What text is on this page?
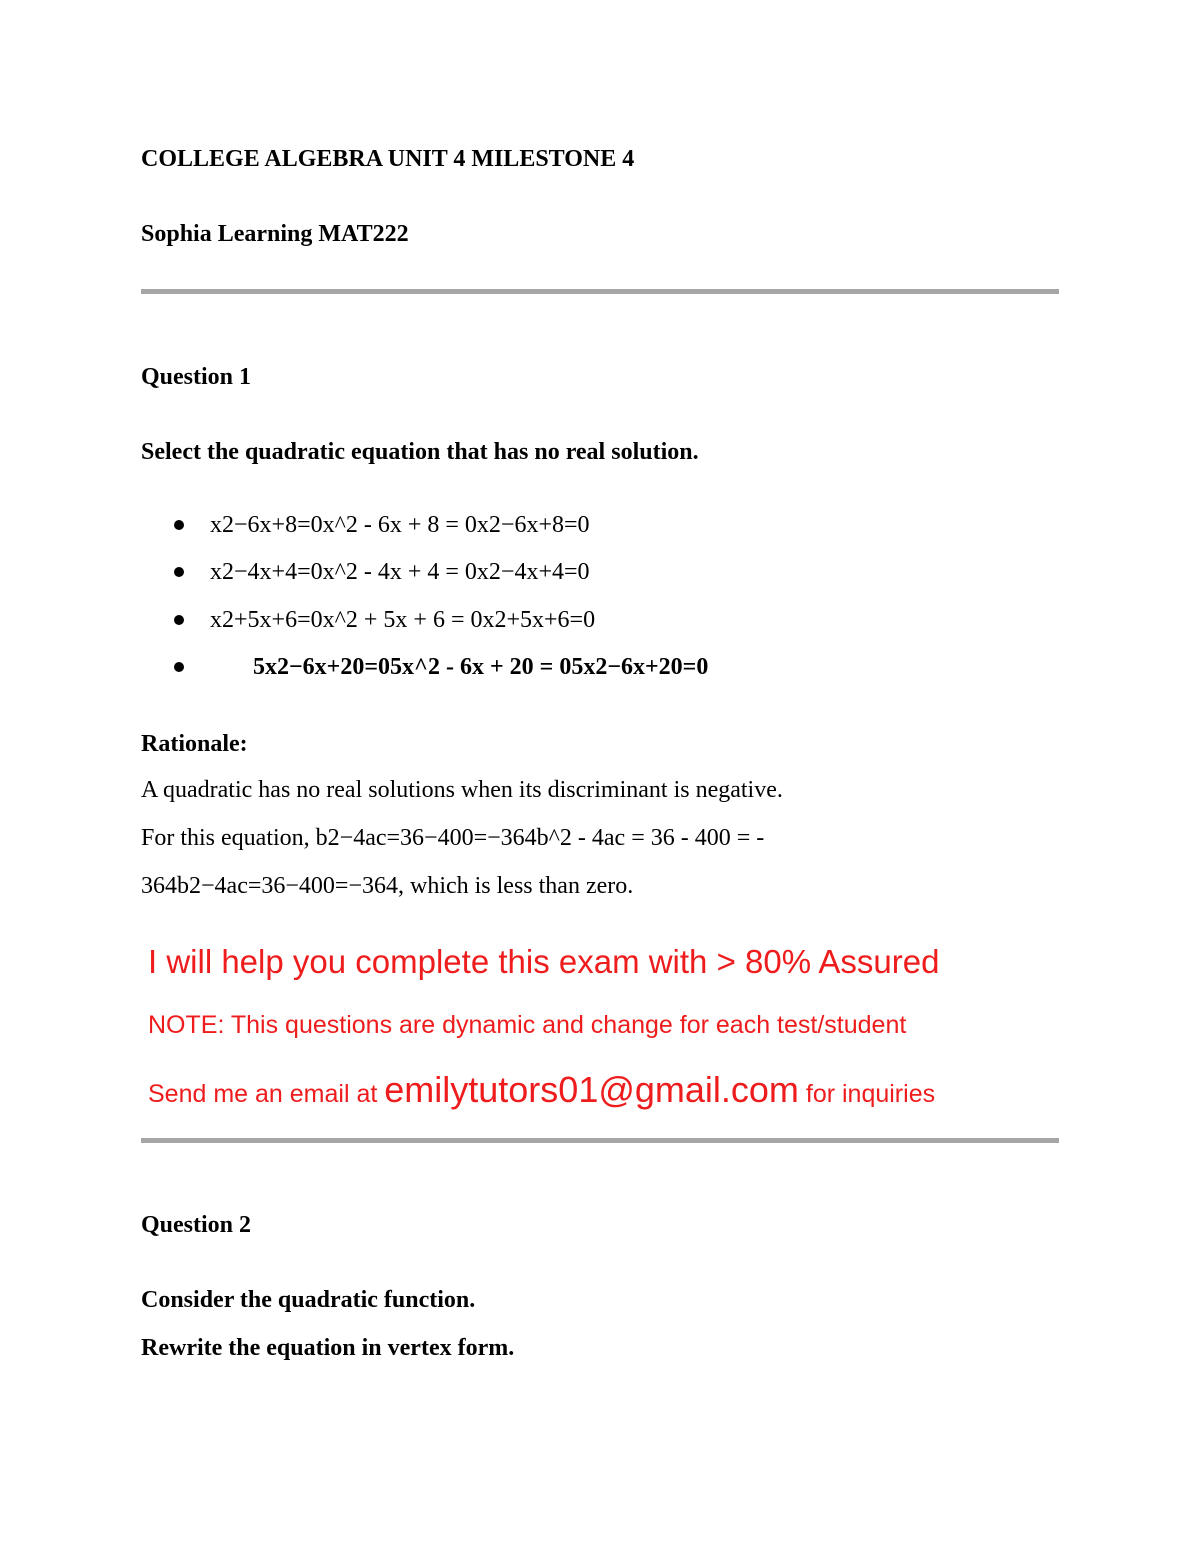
COLLEGE ALGEBRA UNIT 4 MILESTONE 4
Sophia Learning MAT222
Question 1
Select the quadratic equation that has no real solution.
x2−6x+8=0x^2 - 6x + 8 = 0x2−6x+8=0
x2−4x+4=0x^2 - 4x + 4 = 0x2−4x+4=0
x2+5x+6=0x^2 + 5x + 6 = 0x2+5x+6=0
5x2−6x+20=05x^2 - 6x + 20 = 05x2−6x+20=0
Rationale:
A quadratic has no real solutions when its discriminant is negative.
For this equation, b2−4ac=36−400=−364b^2 - 4ac = 36 - 400 = -
364b2−4ac=36−400=−364, which is less than zero.
I will help you complete this exam with > 80% Assured
NOTE: This questions are dynamic and change for each test/student
Send me an email at emilytutors01@gmail.com for inquiries
Question 2
Consider the quadratic function.
Rewrite the equation in vertex form.
